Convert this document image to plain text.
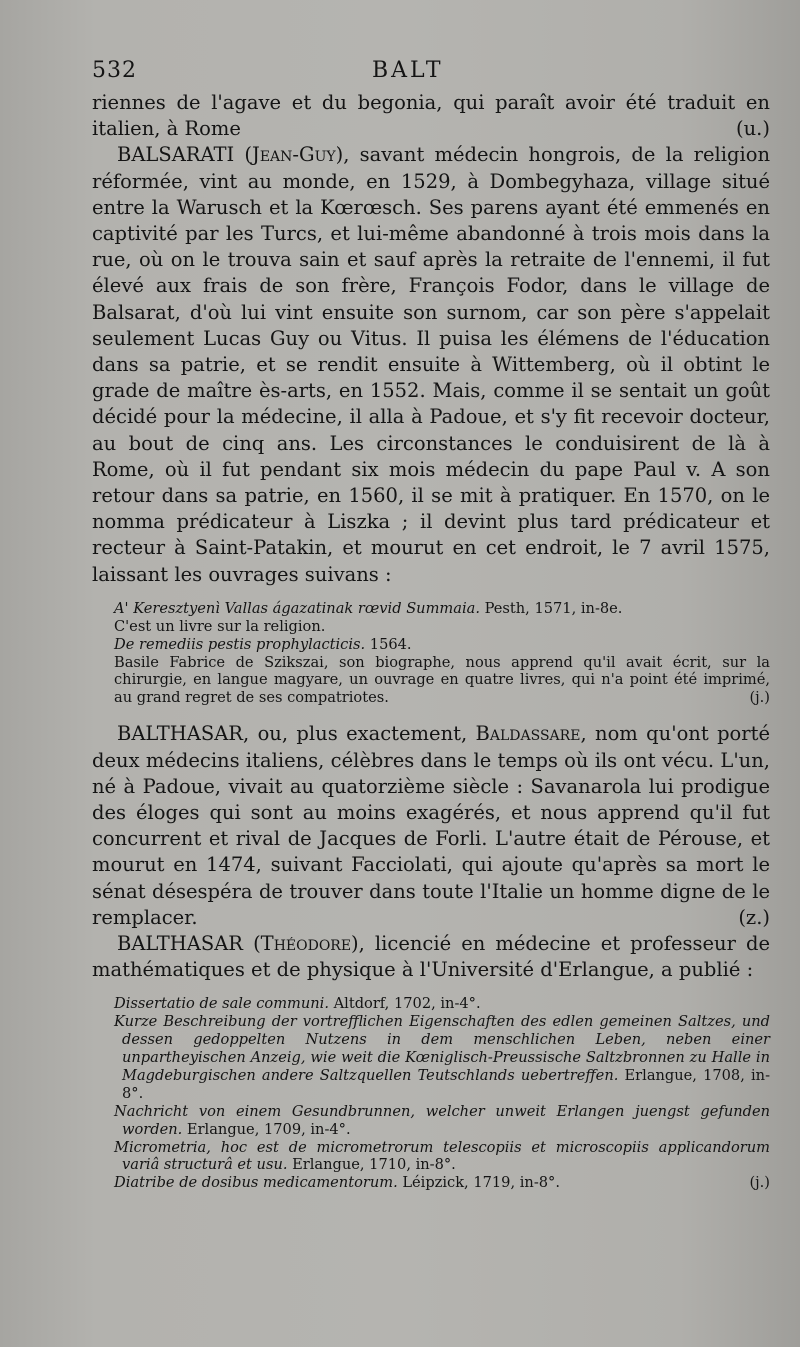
532	BALT

riennes de l'agave et du begonia, qui paraît avoir été traduit en italien, à Rome	(u.)

BALSARATI (Jean-Guy), savant médecin hongrois, de la religion réformée, vint au monde, en 1529, à Dombegyhaza, village situé entre la Warusch et la Kœrœsch. Ses parens ayant été emmenés en captivité par les Turcs, et lui-même abandonné à trois mois dans la rue, où on le trouva sain et sauf après la retraite de l'ennemi, il fut élevé aux frais de son frère, François Fodor, dans le village de Balsarat, d'où lui vint ensuite son surnom, car son père s'appelait seulement Lucas Guy ou Vitus. Il puisa les élémens de l'éducation dans sa patrie, et se rendit ensuite à Wittemberg, où il obtint le grade de maître ès-arts, en 1552. Mais, comme il se sentait un goût décidé pour la médecine, il alla à Padoue, et s'y fit recevoir docteur, au bout de cinq ans. Les circonstances le conduisirent de là à Rome, où il fut pendant six mois médecin du pape Paul v. A son retour dans sa patrie, en 1560, il se mit à pratiquer. En 1570, on le nomma prédicateur à Liszka ; il devint plus tard prédicateur et recteur à Saint-Patakin, et mourut en cet endroit, le 7 avril 1575, laissant les ouvrages suivans :

A' Keresztyenì Vallas ágazatinak rœvid Summaia. Pesth, 1571, in-8e.

C'est un livre sur la religion.

De remediis pestis prophylacticis. 1564.

Basile Fabrice de Szikszai, son biographe, nous apprend qu'il avait écrit, sur la chirurgie, en langue magyare, un ouvrage en quatre livres, qui n'a point été imprimé, au grand regret de ses compatriotes.	(j.)

BALTHASAR, ou, plus exactement, Baldassare, nom qu'ont porté deux médecins italiens, célèbres dans le temps où ils ont vécu. L'un, né à Padoue, vivait au quatorzième siècle : Savanarola lui prodigue des éloges qui sont au moins exagérés, et nous apprend qu'il fut concurrent et rival de Jacques de Forli. L'autre était de Pérouse, et mourut en 1474, suivant Facciolati, qui ajoute qu'après sa mort le sénat désespéra de trouver dans toute l'Italie un homme digne de le remplacer.	(z.)

BALTHASAR (Théodore), licencié en médecine et professeur de mathématiques et de physique à l'Université d'Erlangue, a publié :

Dissertatio de sale communi. Altdorf, 1702, in-4°.

Kurze Beschreibung der vortrefflichen Eigenschaften des edlen gemeinen Saltzes, und dessen gedoppelten Nutzens in dem menschlichen Leben, neben einer unpartheyischen Anzeig, wie weit die Kœniglisch-Preussische Saltzbronnen zu Halle in Magdeburgischen andere Saltzquellen Teutschlands uebertreffen. Erlangue, 1708, in-8°.

Nachricht von einem Gesundbrunnen, welcher unweit Erlangen juengst gefunden worden. Erlangue, 1709, in-4°.

Micrometria, hoc est de micrometrorum telescopiis et microscopiis applicandorum variâ structurâ et usu. Erlangue, 1710, in-8°.

Diatribe de dosibus medicamentorum. Léipzick, 1719, in-8°.	(j.)
